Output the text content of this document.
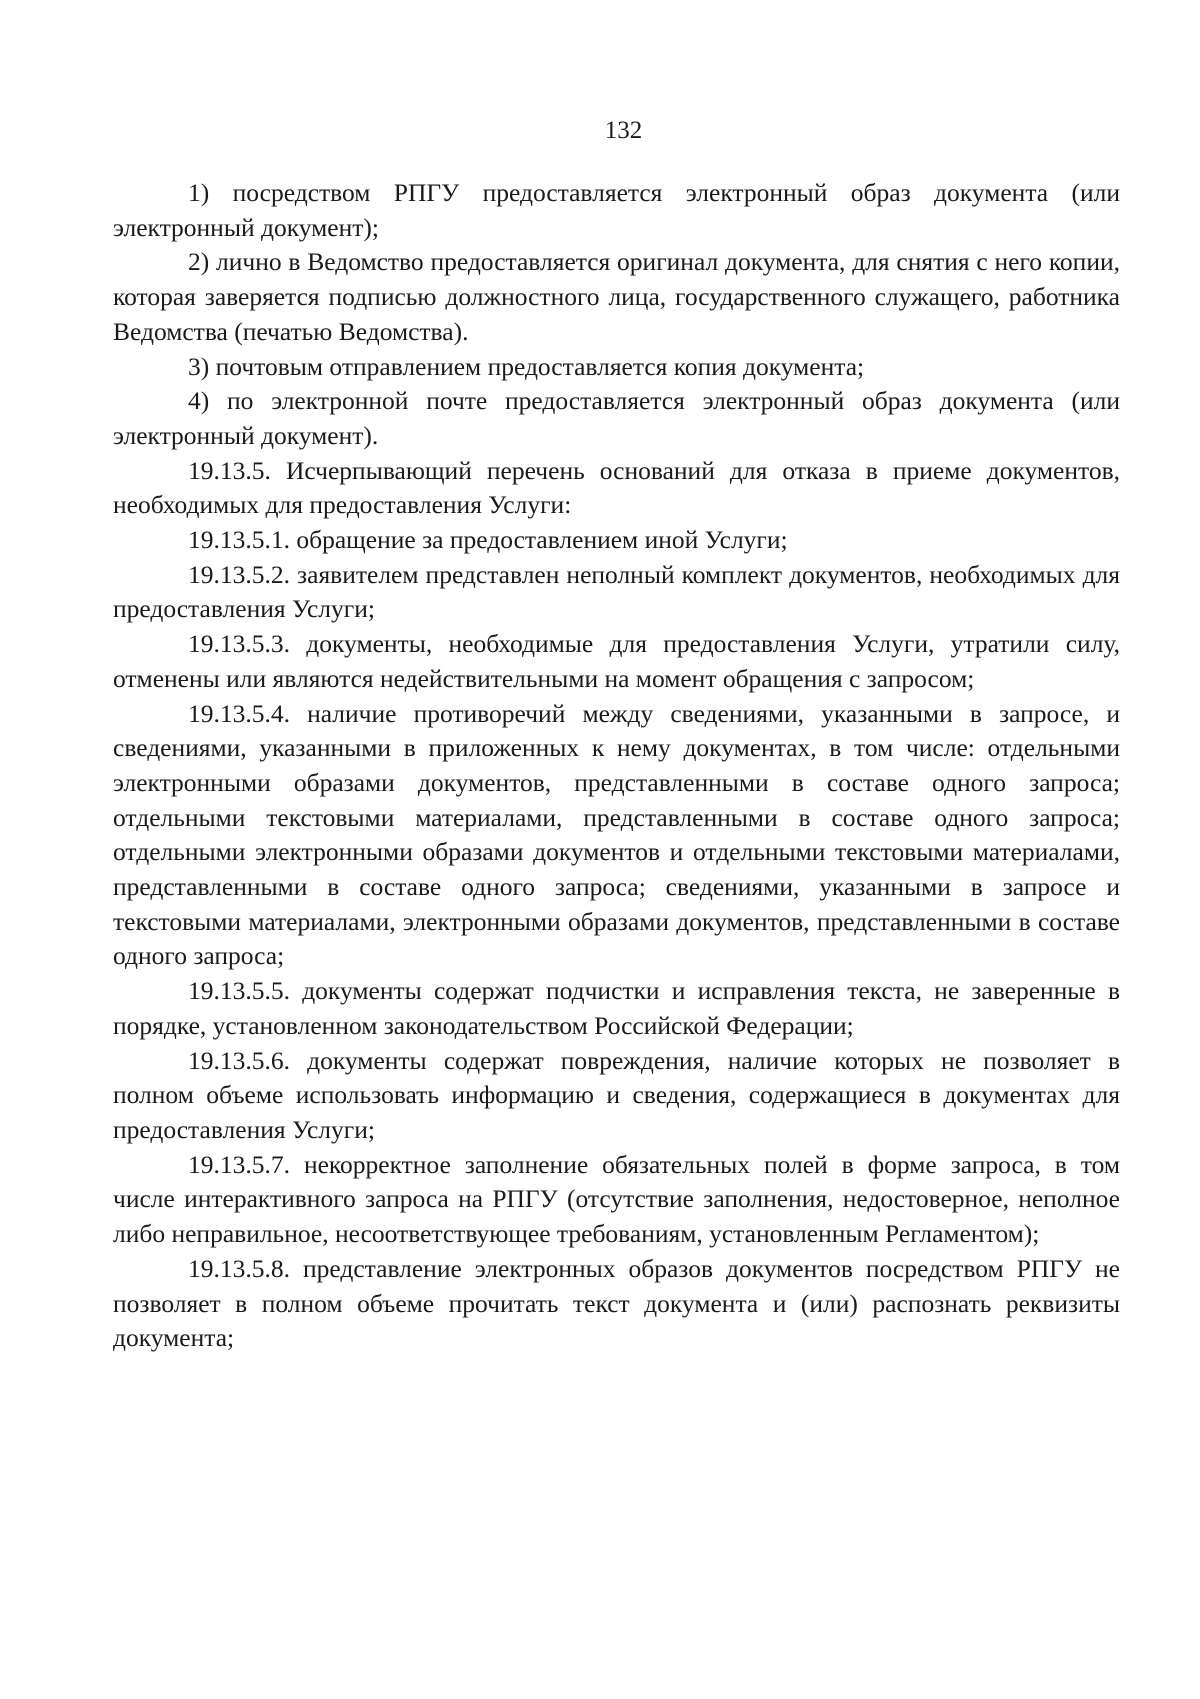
132

1) посредством РПГУ предоставляется электронный образ документа (или электронный документ);

2) лично в Ведомство предоставляется оригинал документа, для снятия с него копии, которая заверяется подписью должностного лица, государственного служащего, работника Ведомства (печатью Ведомства).

3) почтовым отправлением предоставляется копия документа;

4) по электронной почте предоставляется электронный образ документа (или электронный документ).

19.13.5. Исчерпывающий перечень оснований для отказа в приеме документов, необходимых для предоставления Услуги:

19.13.5.1. обращение за предоставлением иной Услуги;

19.13.5.2. заявителем представлен неполный комплект документов, необходимых для предоставления Услуги;

19.13.5.3. документы, необходимые для предоставления Услуги, утратили силу, отменены или являются недействительными на момент обращения с запросом;

19.13.5.4. наличие противоречий между сведениями, указанными в запросе, и сведениями, указанными в приложенных к нему документах, в том числе: отдельными электронными образами документов, представленными в составе одного запроса; отдельными текстовыми материалами, представленными в составе одного запроса; отдельными электронными образами документов и отдельными текстовыми материалами, представленными в составе одного запроса; сведениями, указанными в запросе и текстовыми материалами, электронными образами документов, представленными в составе одного запроса;

19.13.5.5. документы содержат подчистки и исправления текста, не заверенные в порядке, установленном законодательством Российской Федерации;

19.13.5.6. документы содержат повреждения, наличие которых не позволяет в полном объеме использовать информацию и сведения, содержащиеся в документах для предоставления Услуги;

19.13.5.7. некорректное заполнение обязательных полей в форме запроса, в том числе интерактивного запроса на РПГУ (отсутствие заполнения, недостоверное, неполное либо неправильное, несоответствующее требованиям, установленным Регламентом);

19.13.5.8. представление электронных образов документов посредством РПГУ не позволяет в полном объеме прочитать текст документа и (или) распознать реквизиты документа;
